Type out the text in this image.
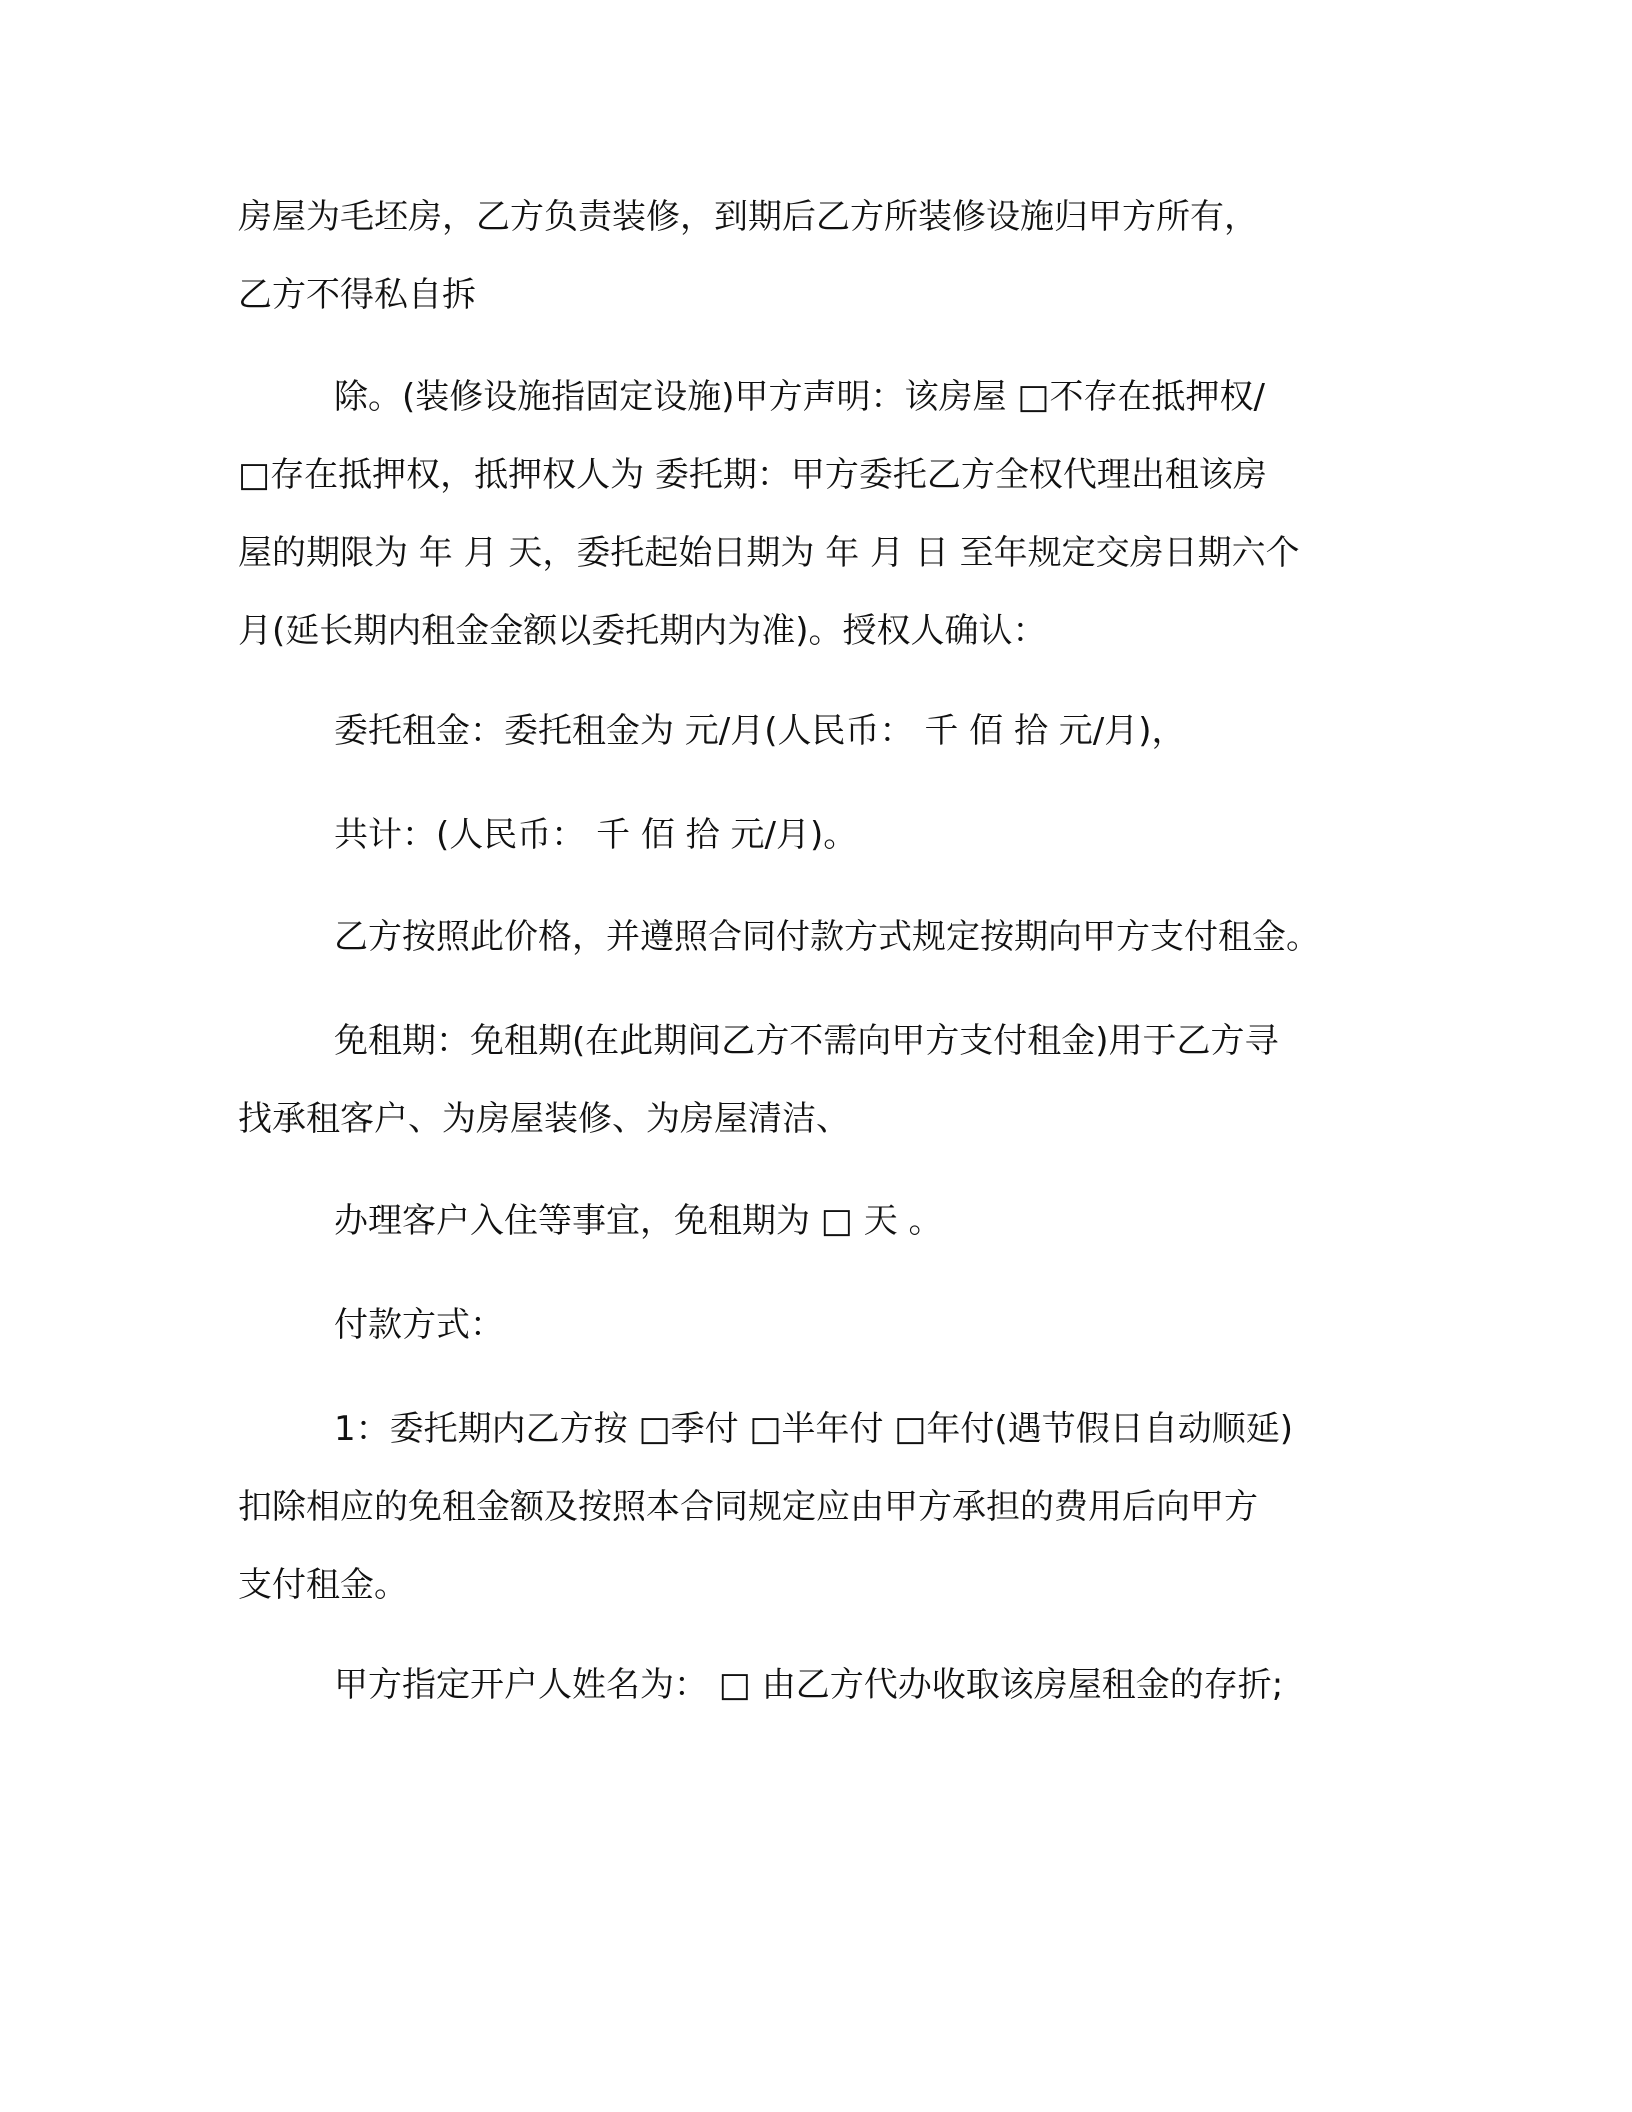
房屋为毛坯房，乙方负责装修，到期后乙方所装修设施归甲方所有，
乙方不得私自拆
除。(装修设施指固定设施)甲方声明：该房屋 □不存在抵押权/
□存在抵押权，抵押权人为 委托期：甲方委托乙方全权代理出租该房
屋的期限为 年 月 天，委托起始日期为 年 月 日 至年规定交房日期六个
月(延长期内租金金额以委托期内为准)。授权人确认：
委托租金：委托租金为 元/月(人民币： 千 佰 拾 元/月)，
共计：(人民币： 千 佰 拾 元/月)。
乙方按照此价格，并遵照合同付款方式规定按期向甲方支付租金。
免租期：免租期(在此期间乙方不需向甲方支付租金)用于乙方寻
找承租客户、为房屋装修、为房屋清洁、
办理客户入住等事宜，免租期为 □ 天 。
付款方式：
1：委托期内乙方按 □季付 □半年付 □年付(遇节假日自动顺延)
扣除相应的免租金额及按照本合同规定应由甲方承担的费用后向甲方
支付租金。
甲方指定开户人姓名为： □ 由乙方代办收取该房屋租金的存折;
